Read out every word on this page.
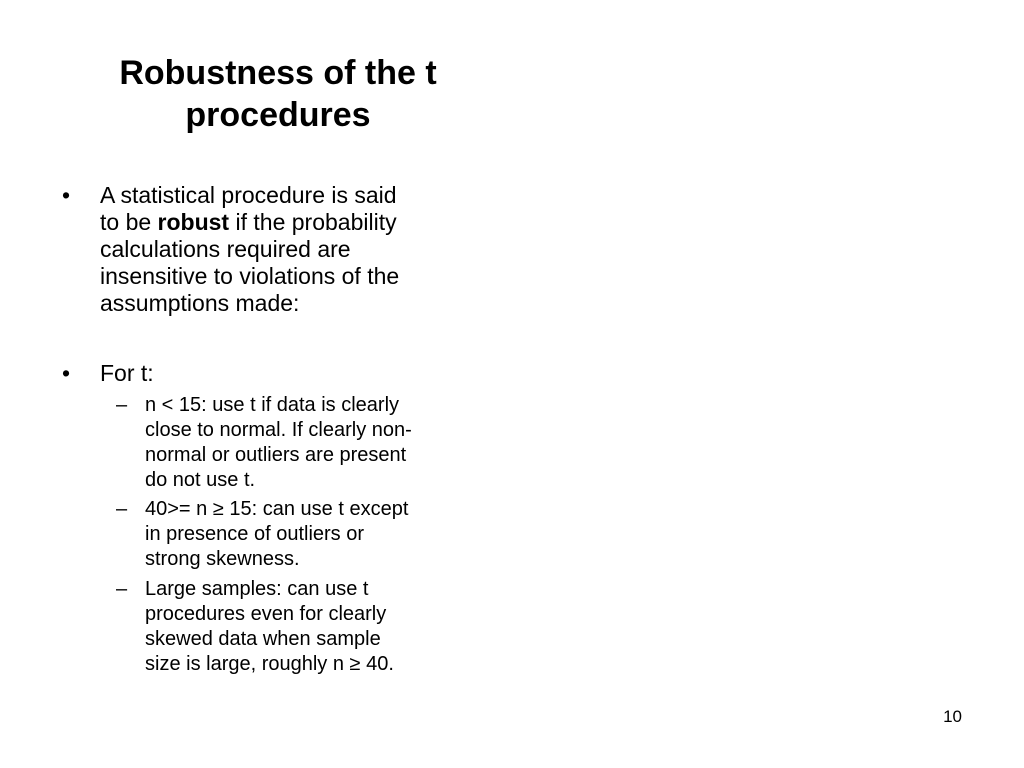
Robustness of the t
procedures
• A statistical procedure is said
to be robust if the probability
calculations required are
insensitive to violations of the
assumptions made:
• For t:
– n < 15: use t if data is clearly
close to normal. If clearly non-
normal or outliers are present
do not use t.
– 40>= n ≥ 15: can use t except
in presence of outliers or
strong skewness.
– Large samples: can use t
procedures even for clearly
skewed data when sample
size is large, roughly n ≥ 40.
10
